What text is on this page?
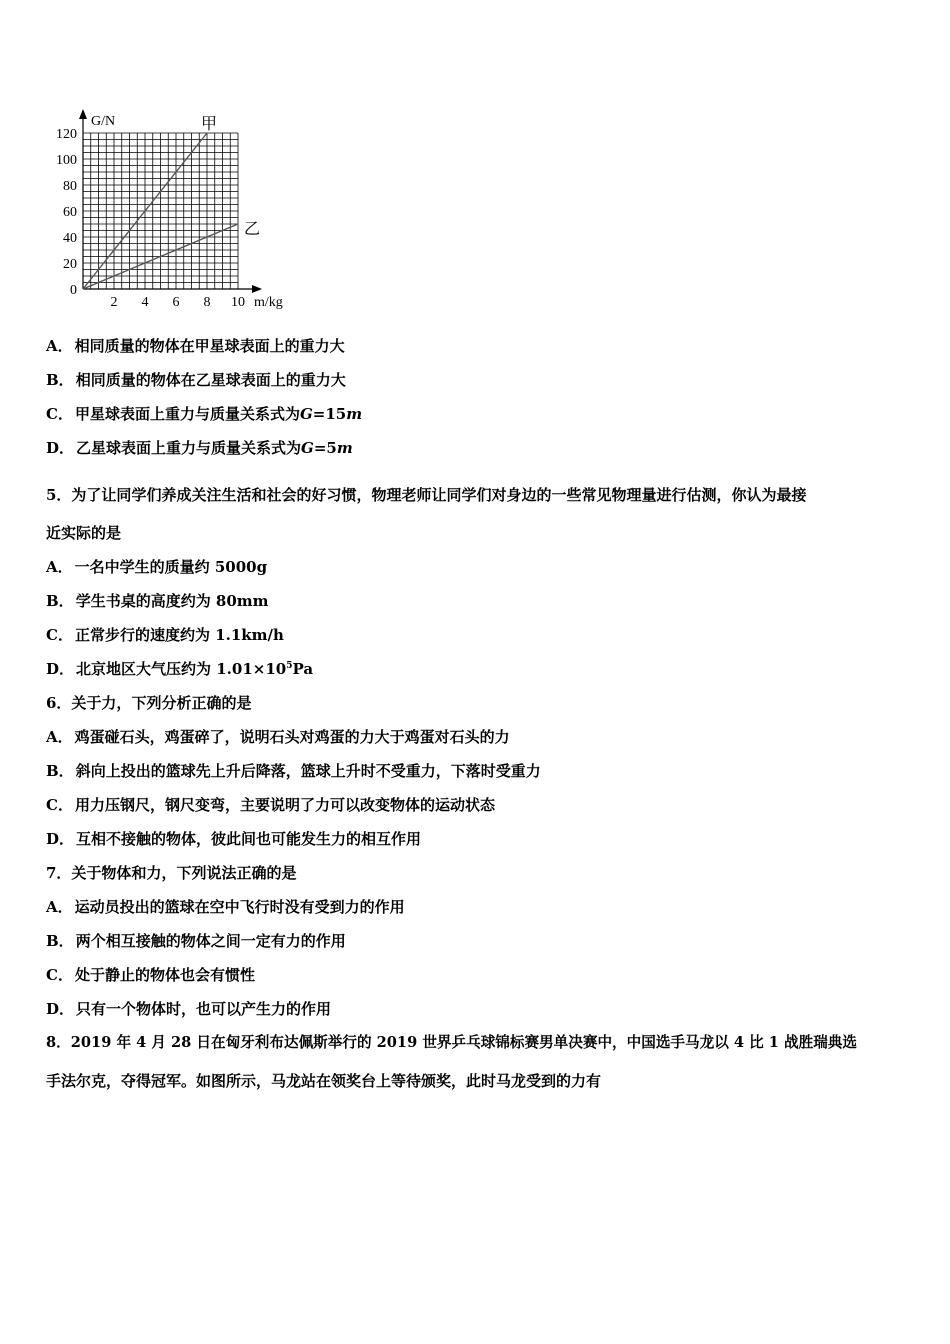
甲
乙
0
20
40
60
80
100
120
2 4 6 8 10
G/N
m/kg
A． 相同质量的物体在甲星球表面上的重力大
B． 相同质量的物体在乙星球表面上的重力大
C． 甲星球表面上重力与质量关系式为G=15m
D． 乙星球表面上重力与质量关系式为G=5m
5．为了让同学们养成关注生活和社会的好习惯，物理老师让同学们对身边的一些常见物理量进行估测，你认为最接
近实际的是
A． 一名中学生的质量约 5000g
B． 学生书桌的高度约为 80mm
C． 正常步行的速度约为 1.1km/h
D． 北京地区大气压约为 $1.01\times 10^5Pa$
6．关于力，下列分析正确的是
A． 鸡蛋碰石头，鸡蛋碎了，说明石头对鸡蛋的力大于鸡蛋对石头的力
B． 斜向上投出的篮球先上升后降落，篮球上升时不受重力，下落时受重力
C． 用力压钢尺，钢尺变弯，主要说明了力可以改变物体的运动状态
D． 互相不接触的物体，彼此间也可能发生力的相互作用
7．关于物体和力，下列说法正确的是
A． 运动员投出的篮球在空中飞行时没有受到力的作用
B． 两个相互接触的物体之间一定有力的作用
C． 处于静止的物体也会有惯性
D． 只有一个物体时，也可以产生力的作用
8．2019 年 4 月 28 日在匈牙利布达佩斯举行的 2019 世界乒乓球锦标赛男单决赛中，中国选手马龙以 4 比 1 战胜瑞典选
手法尔克，夺得冠军。如图所示，马龙站在领奖台上等待颁奖，此时马龙受到的力有
